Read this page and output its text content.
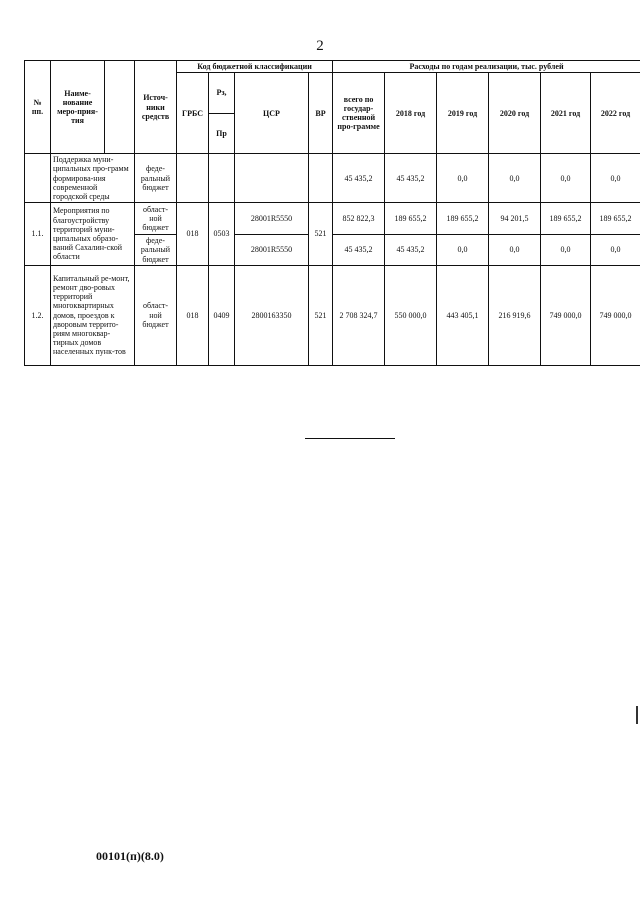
2
№ пп.	Наиме-нование меро-прия-тия		Источ-ники средств	Код бюджетной классификации				Расходы по годам реализации, тыс. рублей					
				ГРБС	Рз,	ЦСР	ВР	всего по государ-ственной про-грамме	2018 год	2019 год	2020 год	2021 год	2022 год
					Пр								
	Поддержка муни-ципальных про-грамм формирова-ния современной городской среды		феде-ральный бюджет					45 435,2	45 435,2	0,0	0,0	0,0	0,0
1.1.	Мероприятия по благоустройству территорий муни-ципальных образо-ваний Сахалин-ской области		област-ной бюджет	018	0503	28001R5550	521	852 822,3	189 655,2	189 655,2	94 201,5	189 655,2	189 655,2
			феде-ральный бюджет			28001R5550		45 435,2	45 435,2	0,0	0,0	0,0	0,0
1.2.	Капитальный ре-монт, ремонт дво-ровых территорий многоквартирных домов, проездов к дворовым террито-риям многоквар-тирных домов населенных пунк-тов		област-ной бюджет	018	0409	2800163350	521	2 708 324,7	550 000,0	443 405,1	216 919,6	749 000,0	749 000,0
00101(п)(8.0)
